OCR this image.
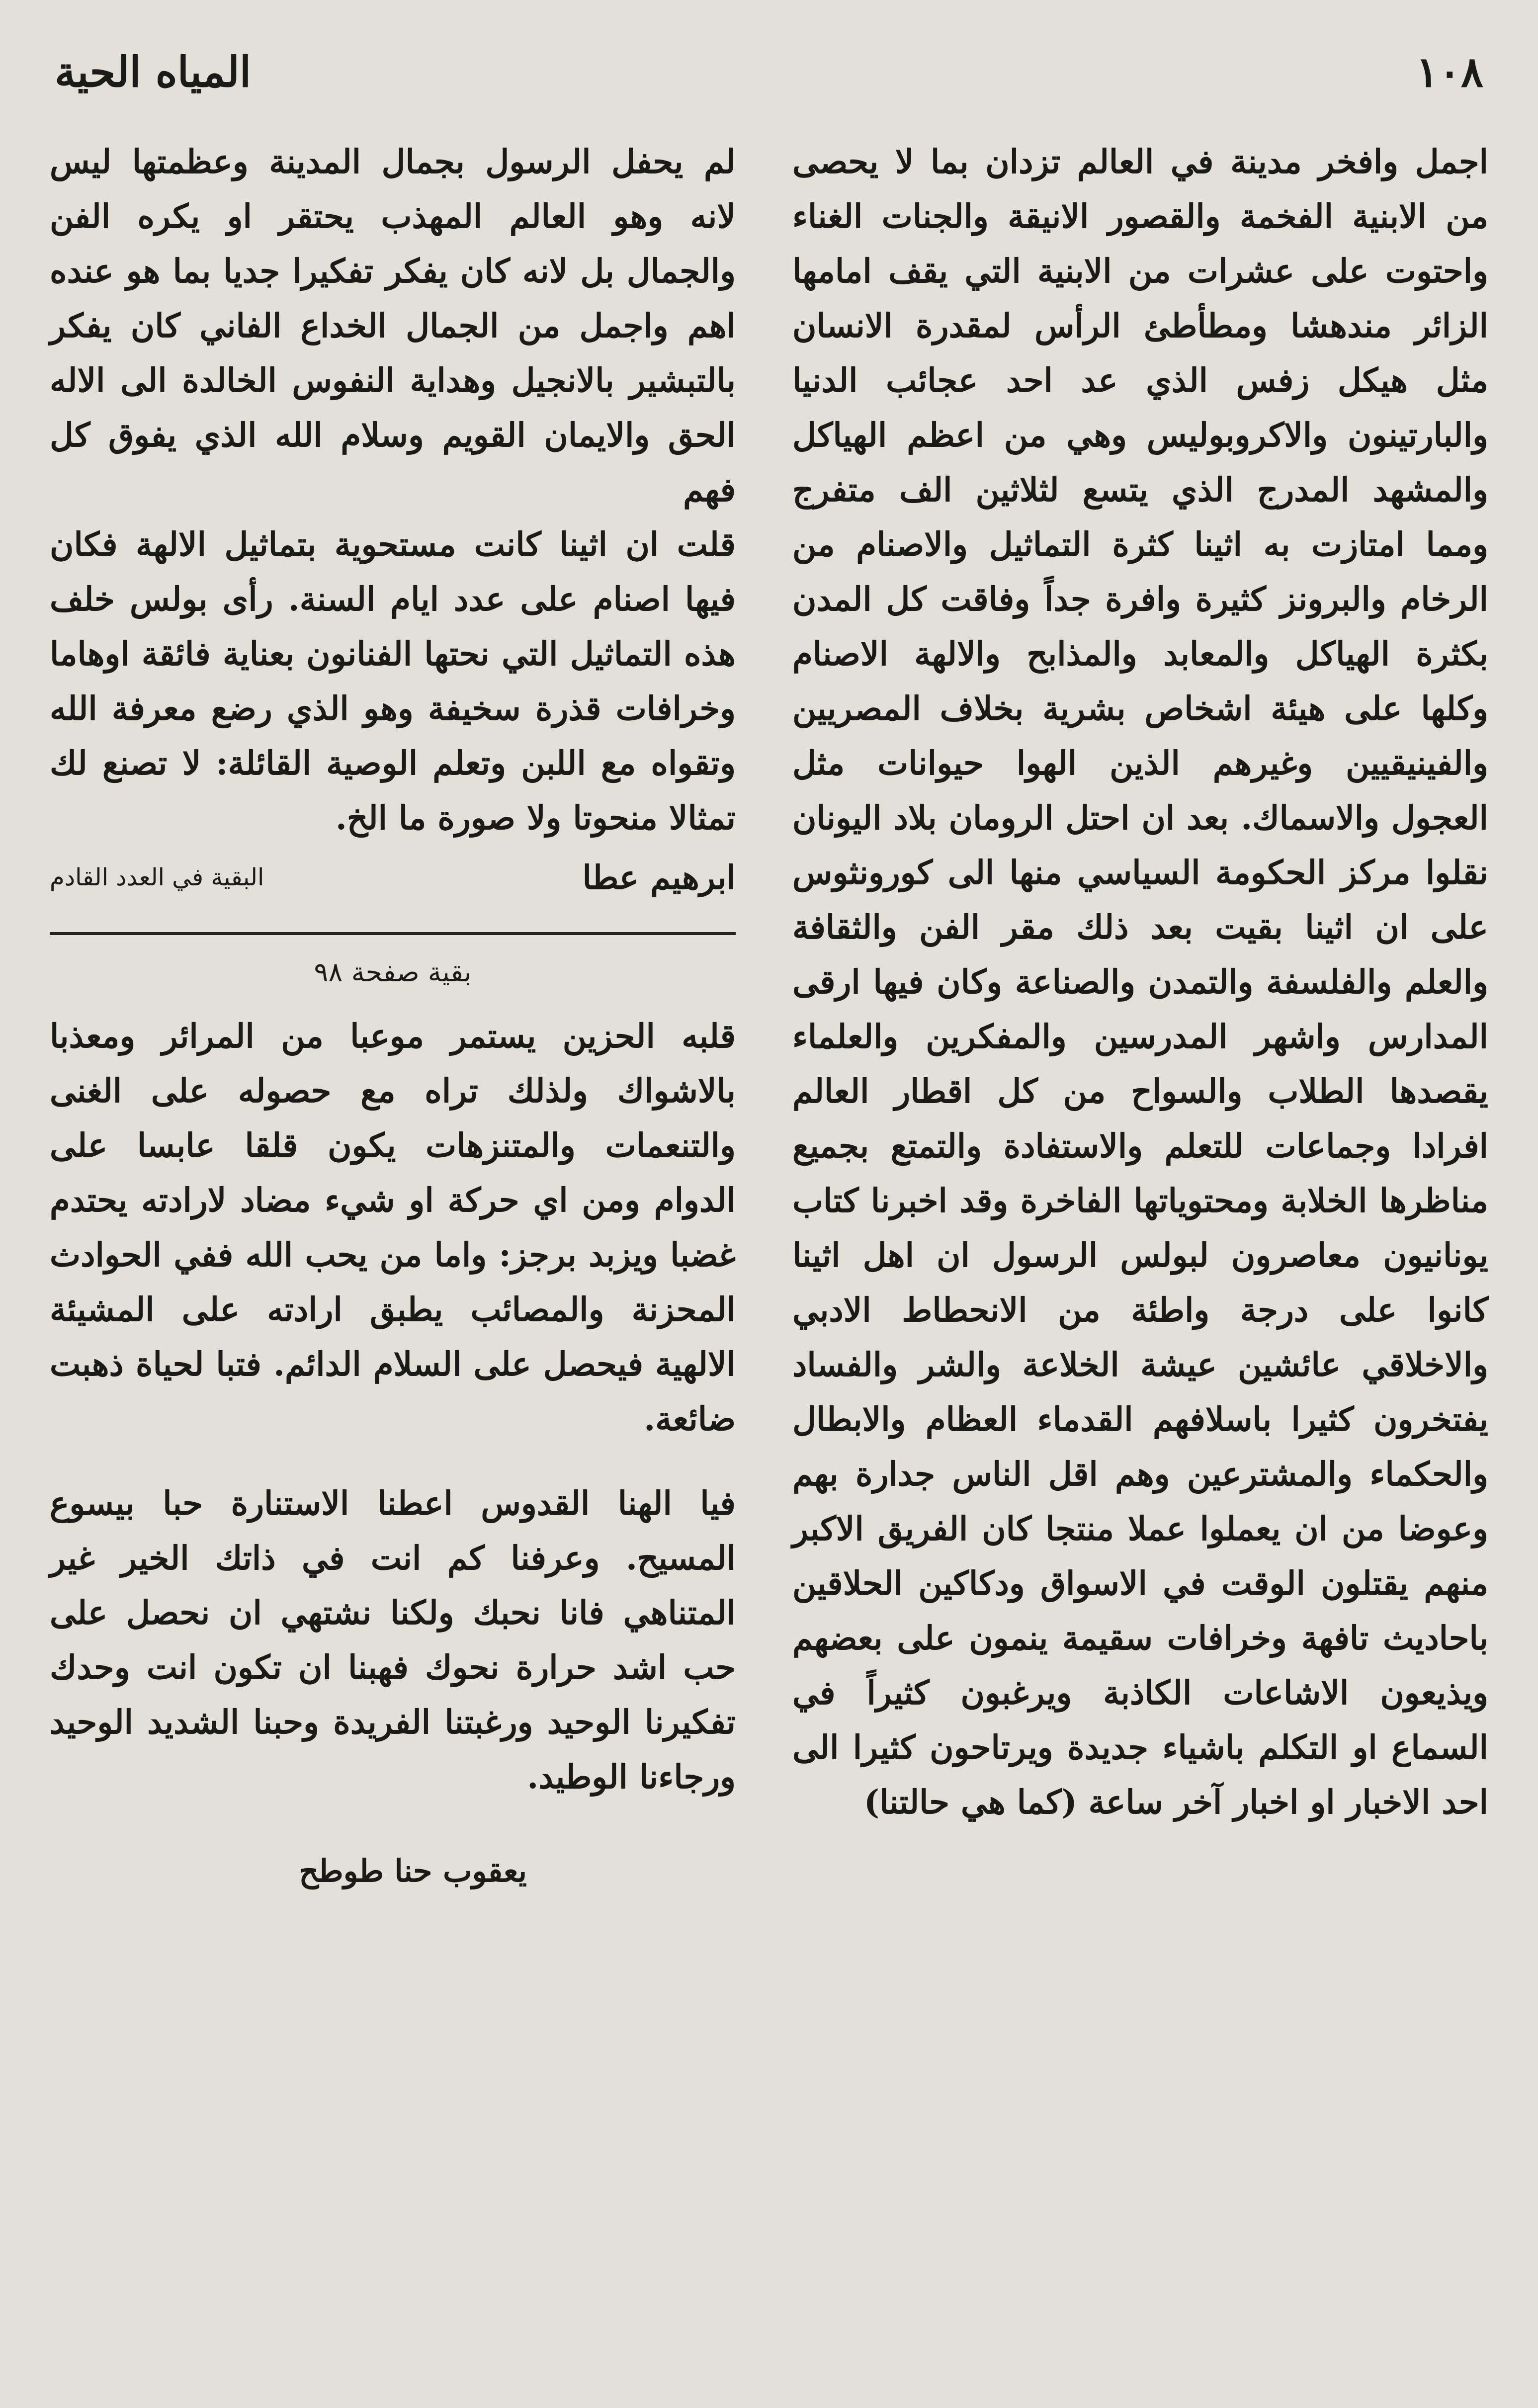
المياه الحية	١٠٨

اجمل وافخر مدينة في العالم تزدان بما لا يحصى من الابنية الفخمة والقصور الانيقة والجنات الغناء واحتوت على عشرات من الابنية التي يقف امامها الزائر مندهشا ومطأطئ الرأس لمقدرة الانسان مثل هيكل زفس الذي عد احد عجائب الدنيا والبارتينون والاكروبوليس وهي من اعظم الهياكل والمشهد المدرج الذي يتسع لثلاثين الف متفرج ومما امتازت به اثينا كثرة التماثيل والاصنام من الرخام والبرونز كثيرة وافرة جداً وفاقت كل المدن بكثرة الهياكل والمعابد والمذابح والالهة الاصنام وكلها على هيئة اشخاص بشرية بخلاف المصريين والفينيقيين وغيرهم الذين الهوا حيوانات مثل العجول والاسماك. بعد ان احتل الرومان بلاد اليونان نقلوا مركز الحكومة السياسي منها الى كورونثوس على ان اثينا بقيت بعد ذلك مقر الفن والثقافة والعلم والفلسفة والتمدن والصناعة وكان فيها ارقى المدارس واشهر المدرسين والمفكرين والعلماء يقصدها الطلاب والسواح من كل اقطار العالم افرادا وجماعات للتعلم والاستفادة والتمتع بجميع مناظرها الخلابة ومحتوياتها الفاخرة وقد اخبرنا كتاب يونانيون معاصرون لبولس الرسول ان اهل اثينا كانوا على درجة واطئة من الانحطاط الادبي والاخلاقي عائشين عيشة الخلاعة والشر والفساد يفتخرون كثيرا باسلافهم القدماء العظام والابطال والحكماء والمشترعين وهم اقل الناس جدارة بهم وعوضا من ان يعملوا عملا منتجا كان الفريق الاكبر منهم يقتلون الوقت في الاسواق ودكاكين الحلاقين باحاديث تافهة وخرافات سقيمة ينمون على بعضهم ويذيعون الاشاعات الكاذبة ويرغبون كثيراً في السماع او التكلم باشياء جديدة ويرتاحون كثيرا الى احد الاخبار او اخبار آخر ساعة (كما هي حالتنا)

لم يحفل الرسول بجمال المدينة وعظمتها ليس لانه وهو العالم المهذب يحتقر او يكره الفن والجمال بل لانه كان يفكر تفكيرا جديا بما هو عنده اهم واجمل من الجمال الخداع الفاني كان يفكر بالتبشير بالانجيل وهداية النفوس الخالدة الى الاله الحق والايمان القويم وسلام الله الذي يفوق كل فهم

قلت ان اثينا كانت مستحوية بتماثيل الالهة فكان فيها اصنام على عدد ايام السنة. رأى بولس خلف هذه التماثيل التي نحتها الفنانون بعناية فائقة اوهاما وخرافات قذرة سخيفة وهو الذي رضع معرفة الله وتقواه مع اللبن وتعلم الوصية القائلة: لا تصنع لك تمثالا منحوتا ولا صورة ما الخ.

ابرهيم عطا
البقية في العدد القادم
بقية صفحة ٩٨

قلبه الحزين يستمر موعبا من المرائر ومعذبا بالاشواك ولذلك تراه مع حصوله على الغنى والتنعمات والمتنزهات يكون قلقا عابسا على الدوام ومن اي حركة او شيء مضاد لارادته يحتدم غضبا ويزبد برجز: واما من يحب الله ففي الحوادث المحزنة والمصائب يطبق ارادته على المشيئة الالهية فيحصل على السلام الدائم. فتبا لحياة ذهبت ضائعة.

فيا الهنا القدوس اعطنا الاستنارة حبا بيسوع المسيح. وعرفنا كم انت في ذاتك الخير غير المتناهي فانا نحبك ولكنا نشتهي ان نحصل على حب اشد حرارة نحوك فهبنا ان تكون انت وحدك تفكيرنا الوحيد ورغبتنا الفريدة وحبنا الشديد الوحيد ورجاءنا الوطيد.

يعقوب حنا طوطح
